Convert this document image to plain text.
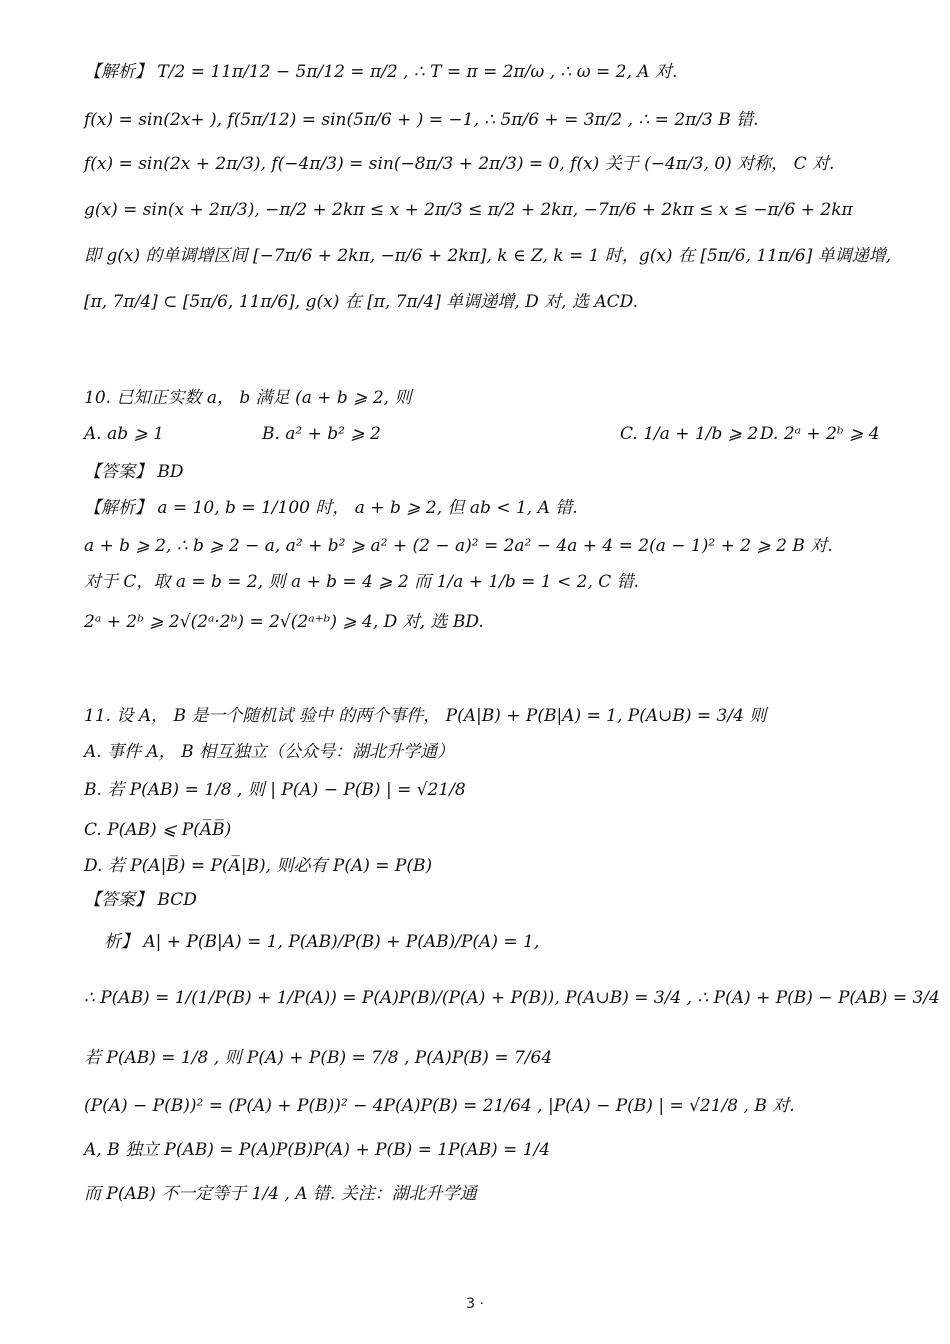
【解析】 T/2 = 11π/12 − 5π/12 = π/2 , ∴ T = π = 2π/ω , ∴ ω = 2, A 对.
f(x) = sin(2x+ ), f(5π/12) = sin(5π/6 + ) = −1, ∴ 5π/6 + = 3π/2 , ∴ = 2π/3 B 错.
f(x) = sin(2x + 2π/3), f(−4π/3) = sin(−8π/3 + 2π/3) = 0, f(x) 关于 (−4π/3, 0) 对称， C 对.
g(x) = sin(x + 2π/3), −π/2 + 2kπ ≤ x + 2π/3 ≤ π/2 + 2kπ, −7π/6 + 2kπ ≤ x ≤ −π/6 + 2kπ
即 g(x) 的单调增区间 [−7π/6 + 2kπ, −π/6 + 2kπ], k ∈ Z, k = 1 时，g(x) 在 [5π/6, 11π/6] 单调递增,
[π, 7π/4] ⊂ [5π/6, 11π/6], g(x) 在 [π, 7π/4] 单调递增, D 对, 选 ACD.
10. 已知正实数 a， b 满足 (a + b ⩾ 2, 则
A. ab ⩾ 1	B. a² + b² ⩾ 2	C. 1/a + 1/b ⩾ 2 D. 2ᵃ + 2ᵇ ⩾ 4
【答案】 BD
【解析】 a = 10, b = 1/100 时， a + b ⩾ 2, 但 ab < 1, A 错.
a + b ⩾ 2, ∴ b ⩾ 2 − a, a² + b² ⩾ a² + (2 − a)² = 2a² − 4a + 4 = 2(a − 1)² + 2 ⩾ 2 B 对.
对于 C，取 a = b = 2, 则 a + b = 4 ⩾ 2 而 1/a + 1/b = 1 < 2, C 错.
2ᵃ + 2ᵇ ⩾ 2√(2ᵃ·2ᵇ) = 2√(2ᵃ⁺ᵇ) ⩾ 4, D 对, 选 BD.
11. 设 A， B 是一个随机试 验中 的两个事件， P(A|B) + P(B|A) = 1, P(A∪B) = 3/4 则
A. 事件 A， B 相互独立（公众号：湖北升学通）
B. 若 P(AB) = 1/8 , 则 | P(A) − P(B) | = √21/8
C. P(AB) ⩽ P(A̅B̅)
D. 若 P(A|B̅) = P(A̅|B), 则必有 P(A) = P(B)
【答案】 BCD
析】 A| + P(B|A) = 1, P(AB)/P(B) + P(AB)/P(A) = 1,
∴ P(AB) = 1/(1/P(B) + 1/P(A)) = P(A)P(B)/(P(A) + P(B)), P(A∪B) = 3/4 , ∴ P(A) + P(B) − P(AB) = 3/4
若 P(AB) = 1/8 , 则 P(A) + P(B) = 7/8 , P(A)P(B) = 7/64
(P(A) − P(B))² = (P(A) + P(B))² − 4P(A)P(B) = 21/64 , |P(A) − P(B) | = √21/8 , B 对.
A, B 独立 P(AB) = P(A)P(B)P(A) + P(B) = 1P(AB) = 1/4
而 P(AB) 不一定等于 1/4 , A 错. 关注：湖北升学通
3 ·
